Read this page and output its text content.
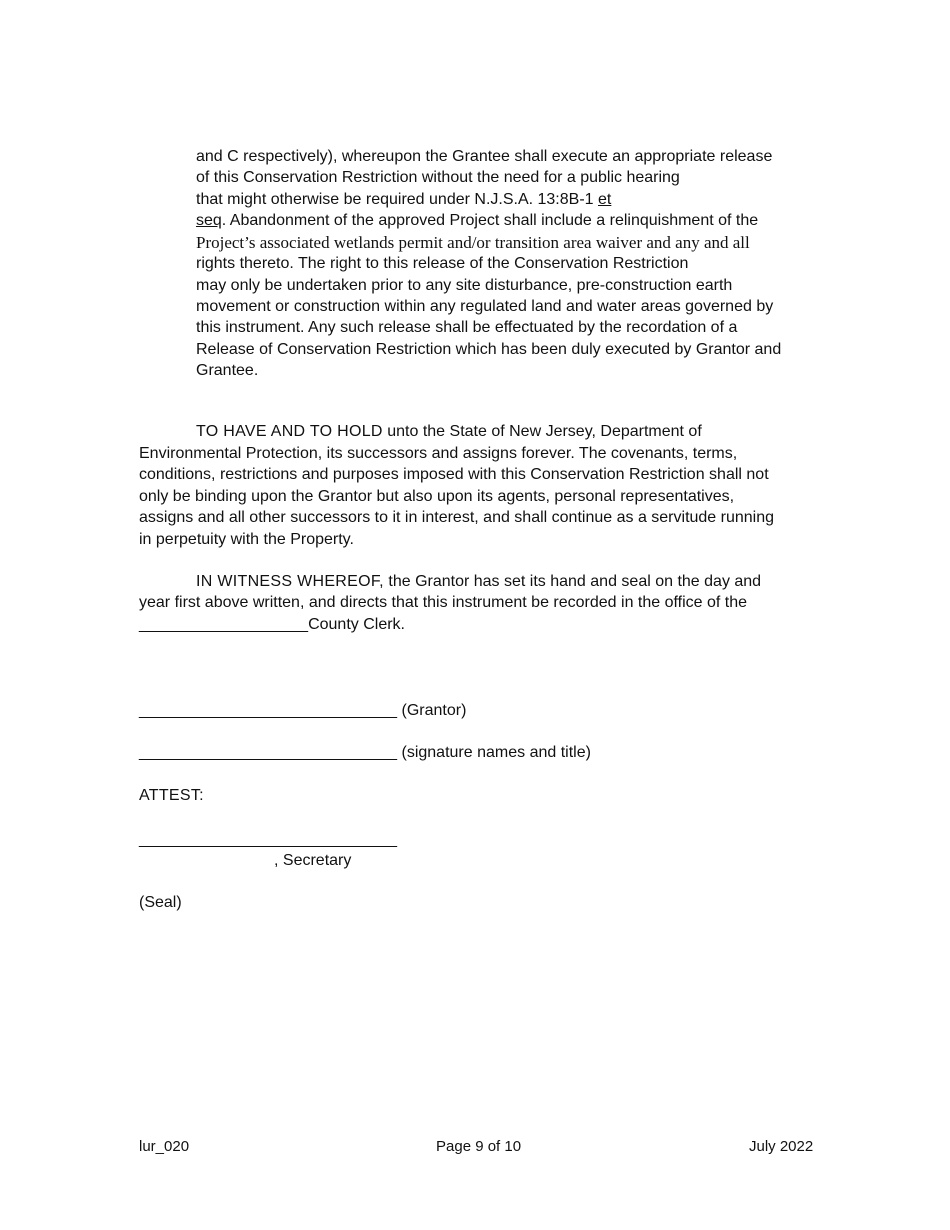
and C respectively), whereupon the Grantee shall execute an appropriate release
of this Conservation Restriction without the need for a public hearing
that might otherwise be required under N.J.S.A. 13:8B-1 et
seq. Abandonment of the approved Project shall include a relinquishment of the
Project’s associated wetlands permit and/or transition area waiver and any and all
rights thereto. The right to this release of the Conservation Restriction
may only be undertaken prior to any site disturbance, pre-construction earth
movement or construction within any regulated land and water areas governed by
this instrument. Any such release shall be effectuated by the recordation of a
Release of Conservation Restriction which has been duly executed by Grantor and
Grantee.
TO HAVE AND TO HOLD unto the State of New Jersey, Department of
Environmental Protection, its successors and assigns forever. The covenants, terms,
conditions, restrictions and purposes imposed with this Conservation Restriction shall not
only be binding upon the Grantor but also upon its agents, personal representatives,
assigns and all other successors to it in interest, and shall continue as a servitude running
in perpetuity with the Property.
IN WITNESS WHEREOF, the Grantor has set its hand and seal on the day and
year first above written, and directs that this instrument be recorded in the office of the
___________________County Clerk.
_____________________________ (Grantor)
_____________________________ (signature names and title)
ATTEST:
_____________________________
, Secretary
(Seal)
lur_020	Page 9 of 10	July 2022
